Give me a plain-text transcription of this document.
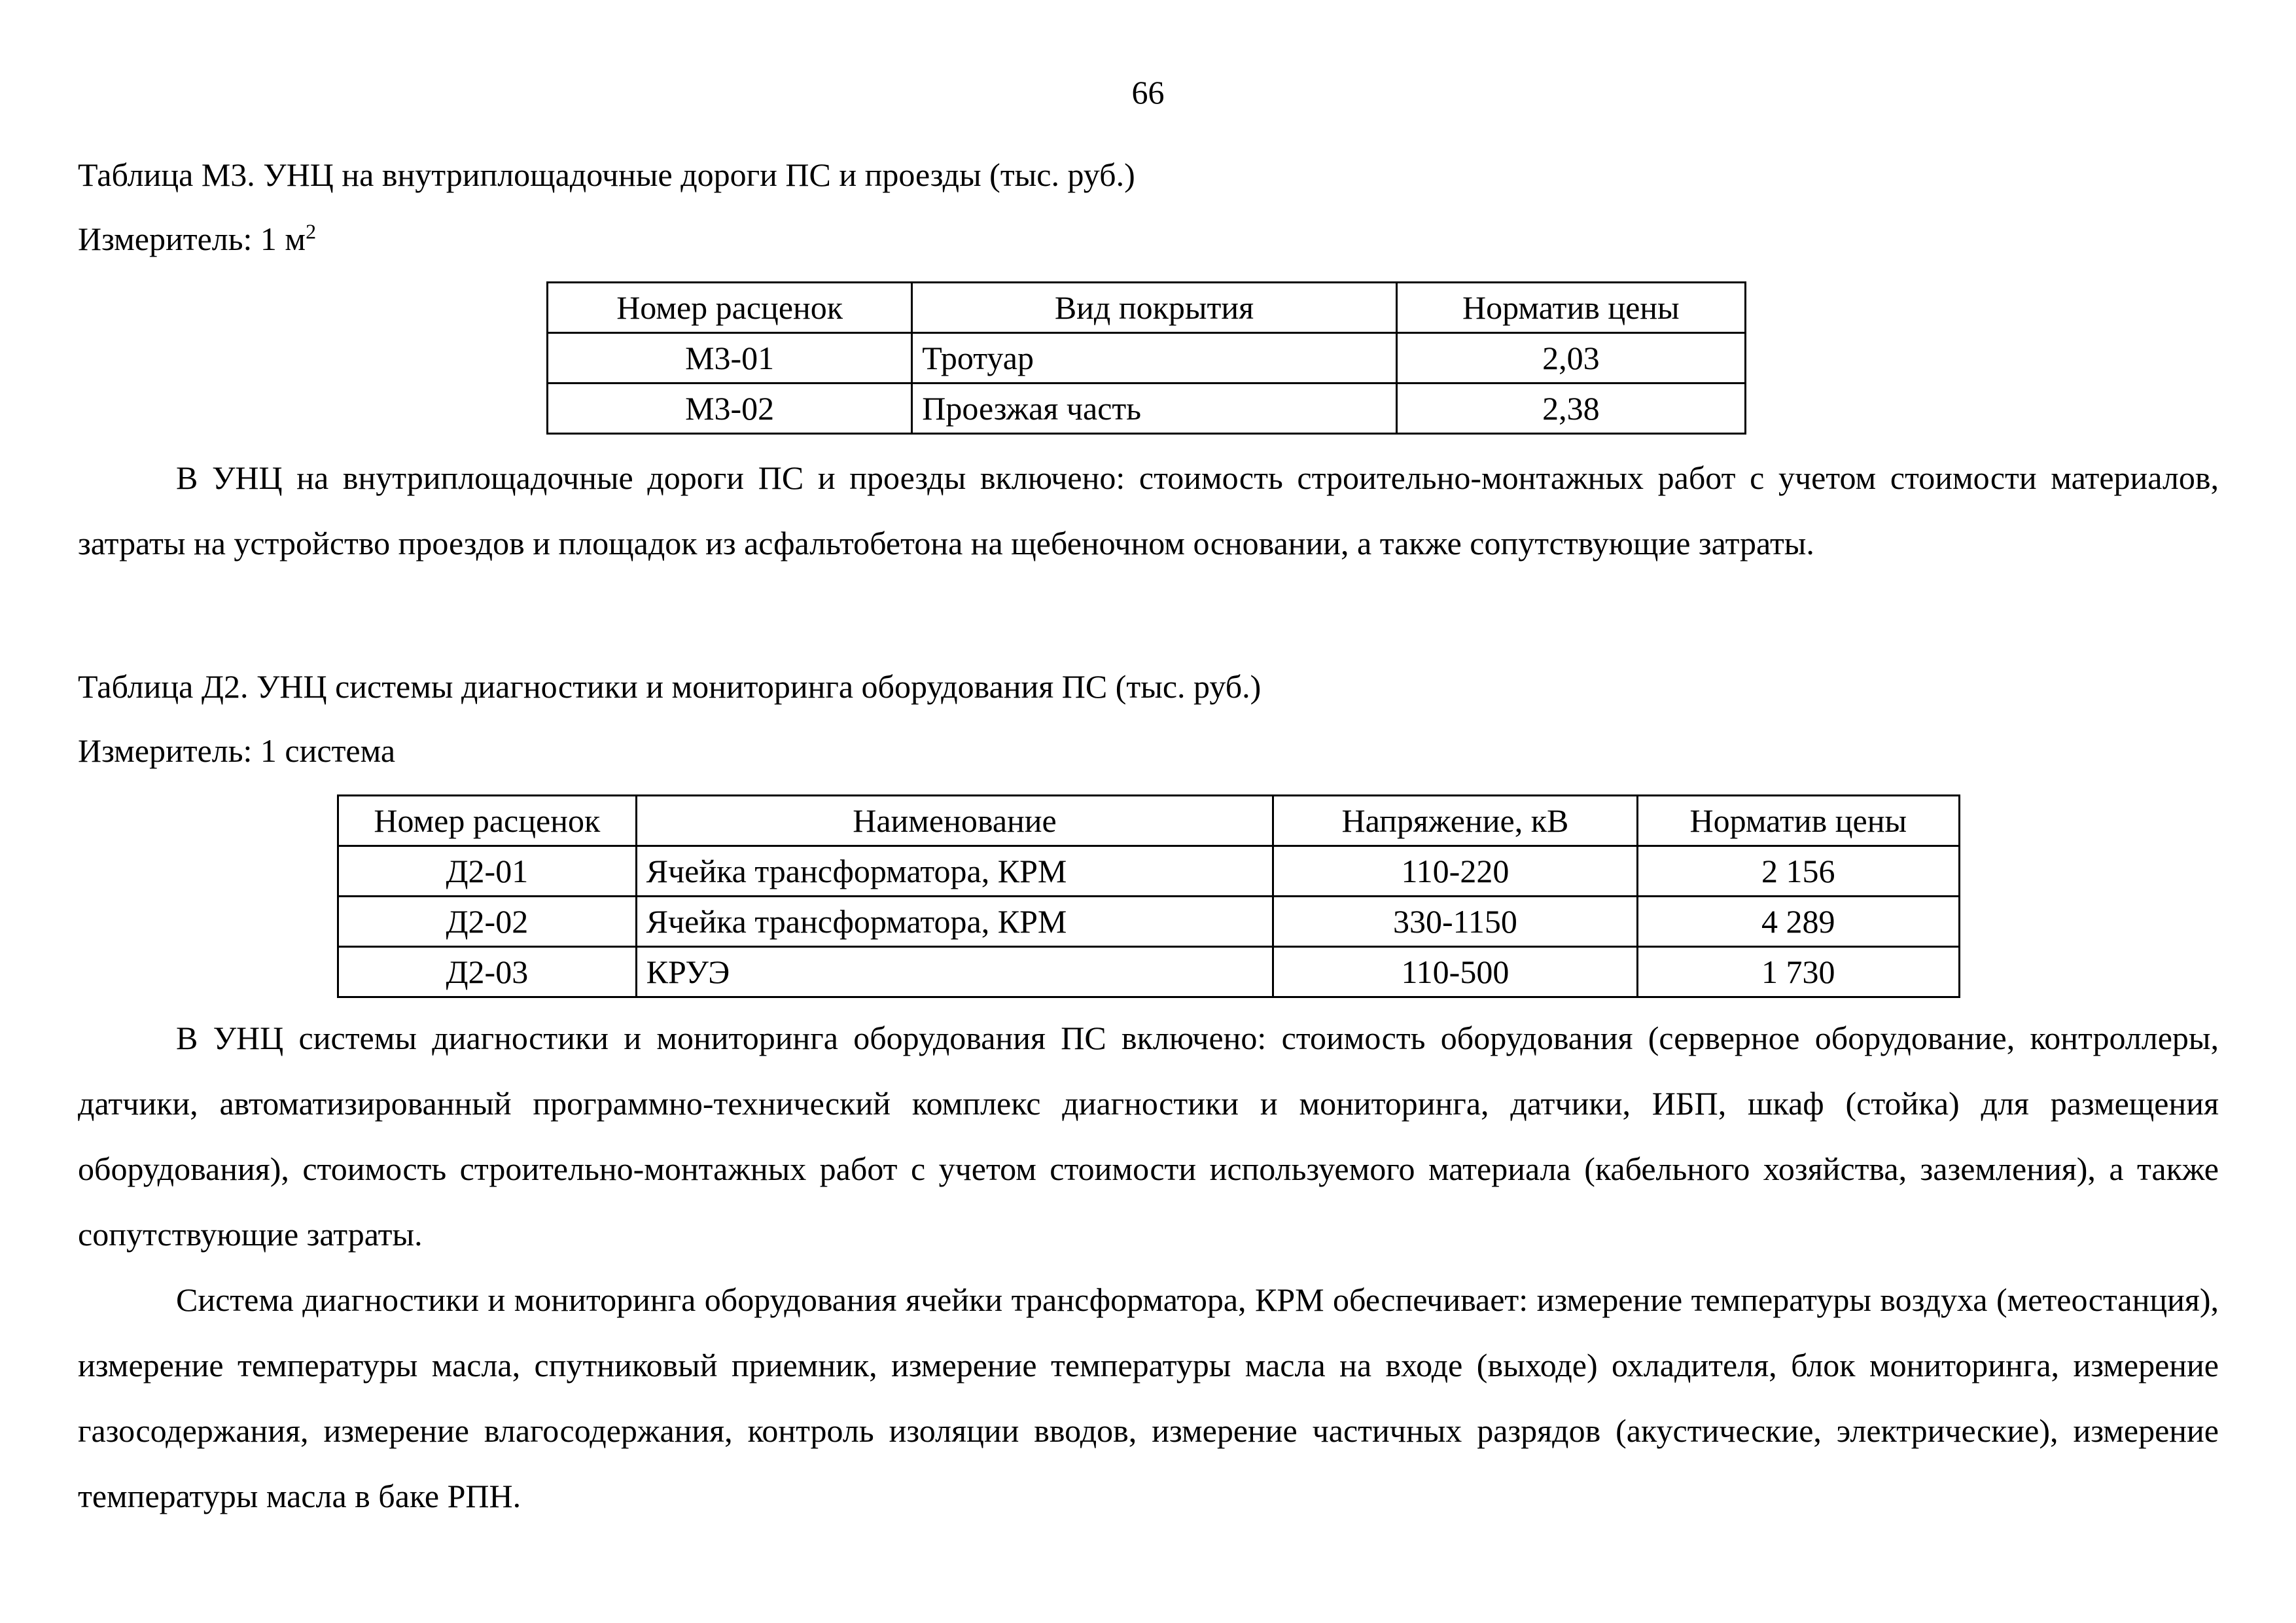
66
Таблица М3. УНЦ на внутриплощадочные дороги ПС и проезды (тыс. руб.)
Измеритель: 1 $м^2$
Номер расценок	Вид покрытия	Норматив цены
М3-01	Тротуар	2,03
М3-02	Проезжая часть	2,38
В УНЦ на внутриплощадочные дороги ПС и проезды включено: стоимость строительно-монтажных работ с учетом стоимости материалов, затраты на устройство проездов и площадок из асфальтобетона на щебеночном основании, а также сопутствующие затраты.
Таблица Д2. УНЦ системы диагностики и мониторинга оборудования ПС (тыс. руб.)
Измеритель: 1 система
Номер расценок	Наименование	Напряжение, кВ	Норматив цены
Д2-01	Ячейка трансформатора, КРМ	110-220	2 156
Д2-02	Ячейка трансформатора, КРМ	330-1150	4 289
Д2-03	КРУЭ	110-500	1 730
В УНЦ системы диагностики и мониторинга оборудования ПС включено: стоимость оборудования (серверное оборудование, контроллеры, датчики, автоматизированный программно-технический комплекс диагностики и мониторинга, датчики, ИБП, шкаф (стойка) для размещения оборудования), стоимость строительно-монтажных работ с учетом стоимости используемого материала (кабельного хозяйства, заземления), а также сопутствующие затраты.
Система диагностики и мониторинга оборудования ячейки трансформатора, КРМ обеспечивает: измерение температуры воздуха (метеостанция), измерение температуры масла, спутниковый приемник, измерение температуры масла на входе (выходе) охладителя, блок мониторинга, измерение газосодержания, измерение влагосодержания, контроль изоляции вводов, измерение частичных разрядов (акустические, электрические), измерение температуры масла в баке РПН.
